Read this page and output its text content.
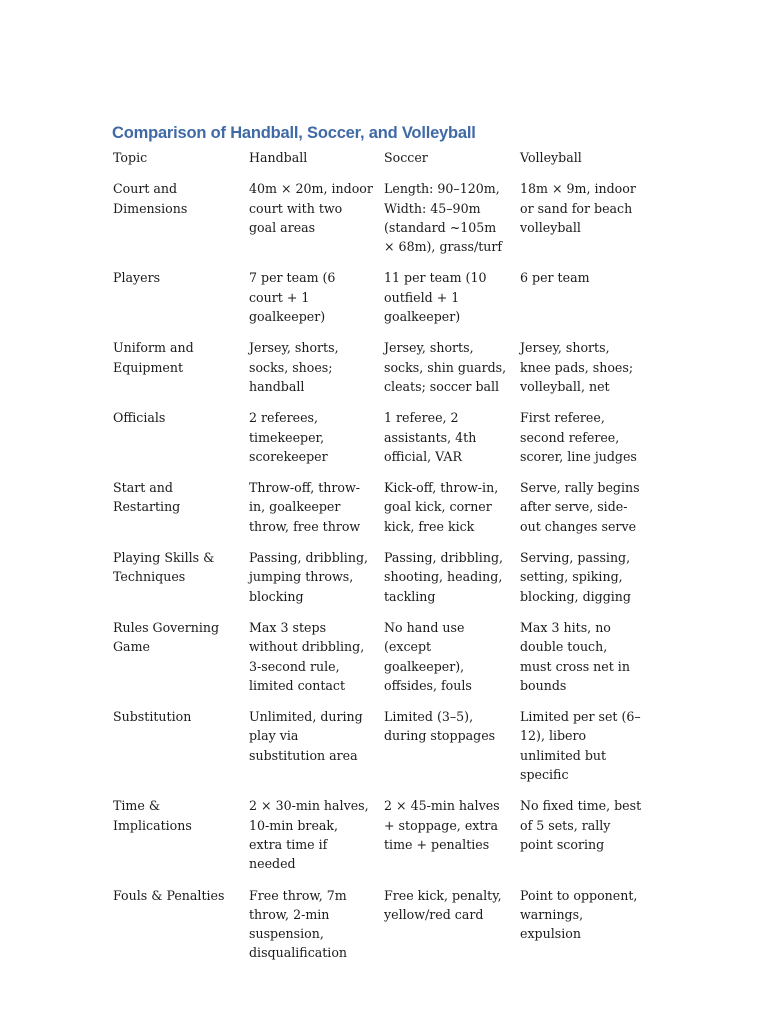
Comparison of Handball, Soccer, and Volleyball
Topic	Handball	Soccer	Volleyball
Court and Dimensions	40m × 20m, indoor court with two goal areas	Length: 90–120m, Width: 45–90m (standard ~105m × 68m), grass/turf	18m × 9m, indoor or sand for beach volleyball
Players	7 per team (6 court + 1 goalkeeper)	11 per team (10 outfield + 1 goalkeeper)	6 per team
Uniform and Equipment	Jersey, shorts, socks, shoes; handball	Jersey, shorts, socks, shin guards, cleats; soccer ball	Jersey, shorts, knee pads, shoes; volleyball, net
Officials	2 referees, timekeeper, scorekeeper	1 referee, 2 assistants, 4th official, VAR	First referee, second referee, scorer, line judges
Start and Restarting	Throw-off, throw-in, goalkeeper throw, free throw	Kick-off, throw-in, goal kick, corner kick, free kick	Serve, rally begins after serve, side-out changes serve
Playing Skills & Techniques	Passing, dribbling, jumping throws, blocking	Passing, dribbling, shooting, heading, tackling	Serving, passing, setting, spiking, blocking, digging
Rules Governing Game	Max 3 steps without dribbling, 3-second rule, limited contact	No hand use (except goalkeeper), offsides, fouls	Max 3 hits, no double touch, must cross net in bounds
Substitution	Unlimited, during play via substitution area	Limited (3–5), during stoppages	Limited per set (6–12), libero unlimited but specific
Time & Implications	2 × 30-min halves, 10-min break, extra time if needed	2 × 45-min halves + stoppage, extra time + penalties	No fixed time, best of 5 sets, rally point scoring
Fouls & Penalties	Free throw, 7m throw, 2-min suspension, disqualification	Free kick, penalty, yellow/red card	Point to opponent, warnings, expulsion
